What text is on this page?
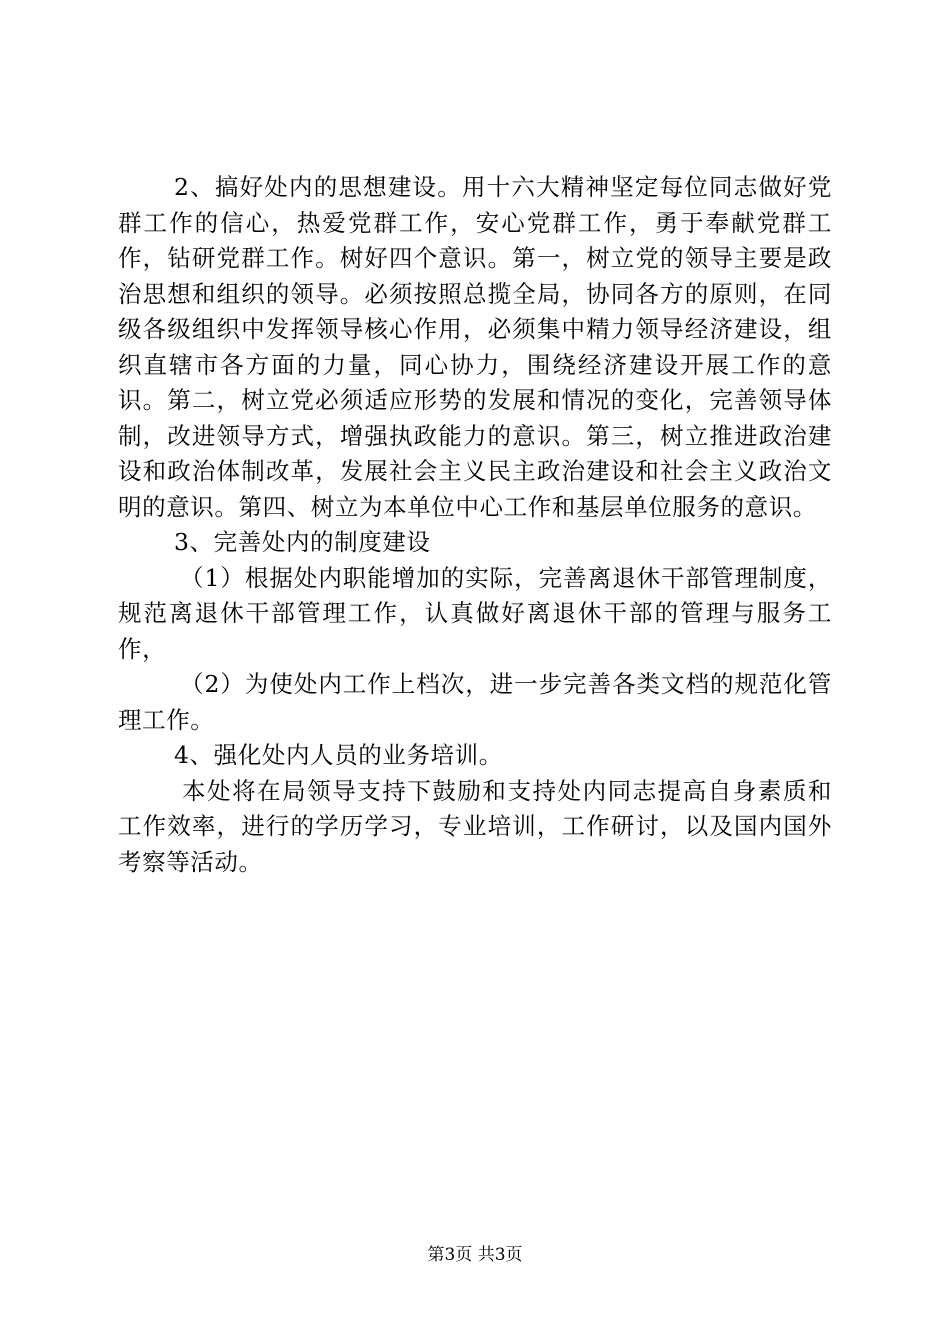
2、搞好处内的思想建设。用十六大精神坚定每位同志做好党群工作的信心，热爱党群工作，安心党群工作，勇于奉献党群工作，钻研党群工作。树好四个意识。第一，树立党的领导主要是政治思想和组织的领导。必须按照总揽全局，协同各方的原则，在同级各级组织中发挥领导核心作用，必须集中精力领导经济建设，组织直辖市各方面的力量，同心协力，围绕经济建设开展工作的意识。第二，树立党必须适应形势的发展和情况的变化，完善领导体制，改进领导方式，增强执政能力的意识。第三，树立推进政治建设和政治体制改革，发展社会主义民主政治建设和社会主义政治文明的意识。第四、树立为本单位中心工作和基层单位服务的意识。

3、完善处内的制度建设

（1）根据处内职能增加的实际，完善离退休干部管理制度，规范离退休干部管理工作，认真做好离退休干部的管理与服务工作，

（2）为使处内工作上档次，进一步完善各类文档的规范化管理工作。

4、强化处内人员的业务培训。

本处将在局领导支持下鼓励和支持处内同志提高自身素质和工作效率，进行的学历学习，专业培训，工作研讨，以及国内国外考察等活动。

第3页 共3页
